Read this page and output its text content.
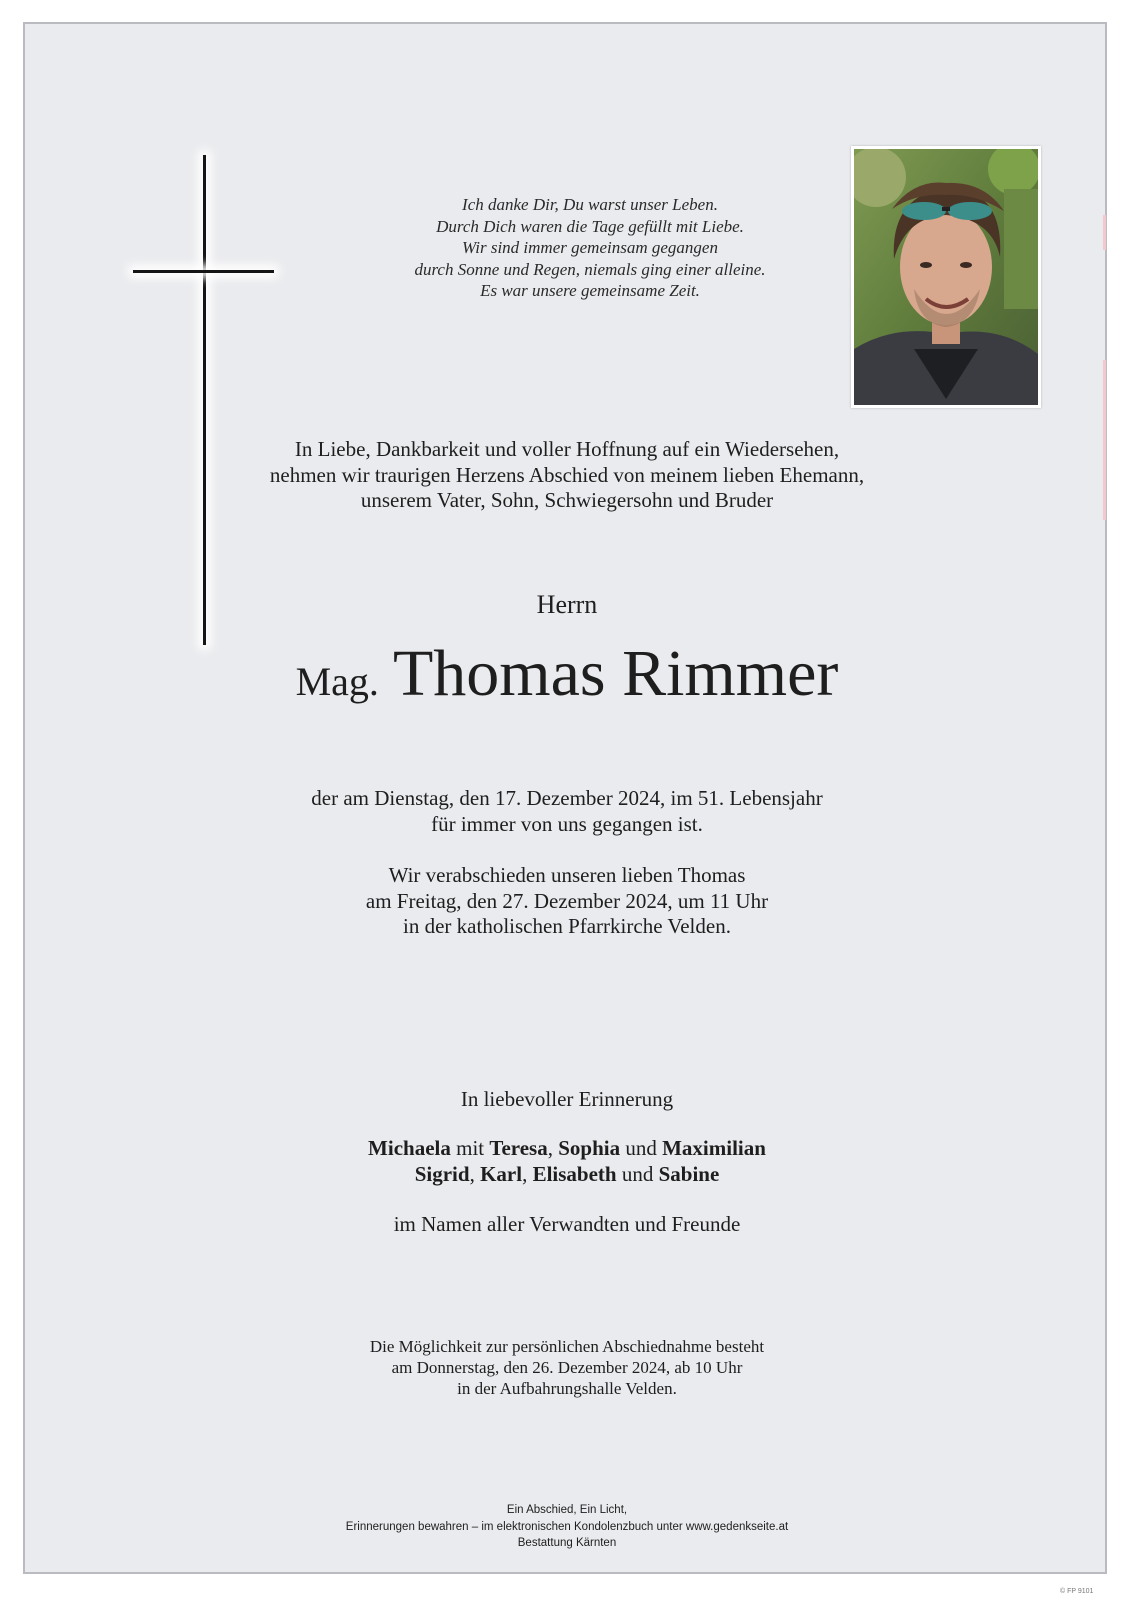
Ich danke Dir, Du warst unser Leben.
Durch Dich waren die Tage gefüllt mit Liebe.
Wir sind immer gemeinsam gegangen
durch Sonne und Regen, niemals ging einer alleine.
Es war unsere gemeinsame Zeit.
In Liebe, Dankbarkeit und voller Hoffnung auf ein Wiedersehen,
nehmen wir traurigen Herzens Abschied von meinem lieben Ehemann,
unserem Vater, Sohn, Schwiegersohn und Bruder
Herrn
Mag. Thomas Rimmer
der am Dienstag, den 17. Dezember 2024, im 51. Lebensjahr
für immer von uns gegangen ist.
Wir verabschieden unseren lieben Thomas
am Freitag, den 27. Dezember 2024, um 11 Uhr
in der katholischen Pfarrkirche Velden.
In liebevoller Erinnerung
Michaela mit Teresa, Sophia und Maximilian
Sigrid, Karl, Elisabeth und Sabine
im Namen aller Verwandten und Freunde
Die Möglichkeit zur persönlichen Abschiednahme besteht
am Donnerstag, den 26. Dezember 2024, ab 10 Uhr
in der Aufbahrungshalle Velden.
Ein Abschied, Ein Licht,
Erinnerungen bewahren – im elektronischen Kondolenzbuch unter www.gedenkseite.at
Bestattung Kärnten
© FP 9101
